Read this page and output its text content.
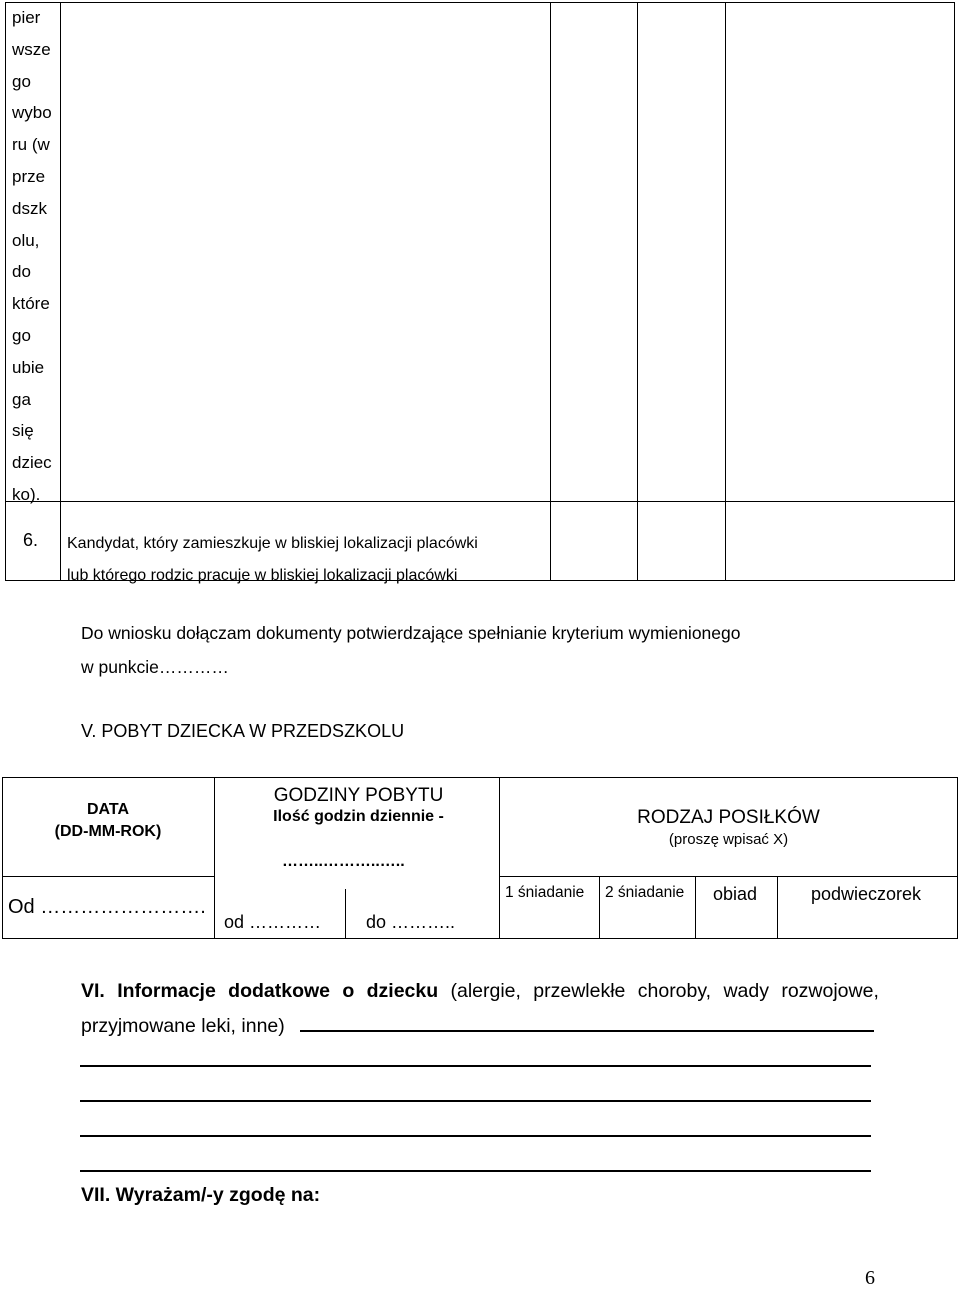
pier
wsze
go
wybo
ru (w
prze
dszk
olu,
do
które
go
ubie
ga
się
dziec
ko).
6. Kandydat, który zamieszkuje w bliskiej lokalizacji placówki
lub którego rodzic pracuje w bliskiej lokalizacji placówki
Do wniosku dołączam dokumenty potwierdzające spełnianie kryterium wymienionego
w punkcie…………
V. POBYT DZIECKA W PRZEDSZKOLU
DATA
(DD-MM-ROK)
GODZINY POBYTU
Ilość godzin dziennie -
……..………..…..
RODZAJ POSIŁKÓW
(proszę wpisać X)
Od …………………….
od ………… do ………..
1 śniadanie 2 śniadanie obiad	podwieczorek
VI. Informacje dodatkowe o dziecku (alergie, przewlekłe choroby, wady rozwojowe,
przyjmowane leki, inne)
VII. Wyrażam/-y zgodę na:
6
